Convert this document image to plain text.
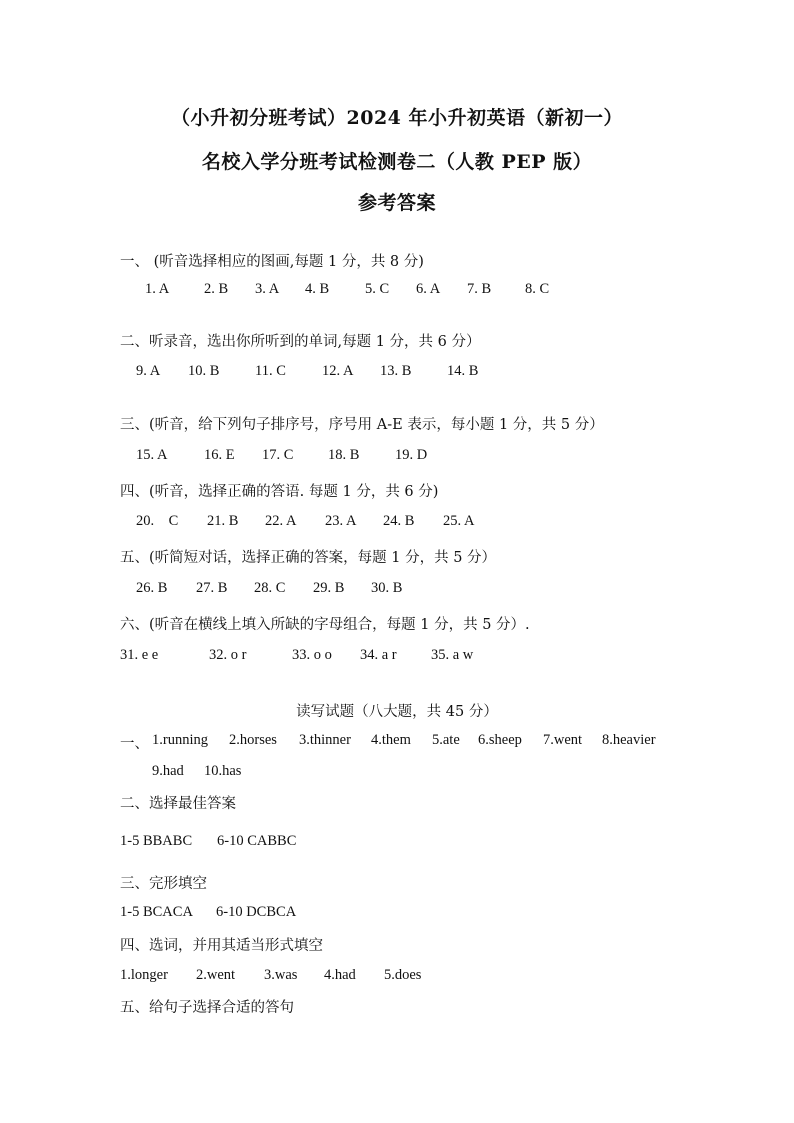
（小升初分班考试）2024 年小升初英语（新初一）
名校入学分班考试检测卷二（人教 PEP 版）
参考答案
一、 (听音选择相应的图画,每题 1 分，共 8 分)
1. A 2. B 3. A 4. B 5. C 6. A 7. B 8. C
二、听录音，选出你所听到的单词,每题 1 分，共 6 分）
9. A 10. B 11. C 12. A 13. B 14. B
三、(听音，给下列句子排序号，序号用 A-E 表示，每小题 1 分，共 5 分）
15. A	16. E 17. C 18. B 19. D
四、(听音，选择正确的答语. 每题 1 分，共 6 分)
20.    C 21. B 22. A 23. A 24. B 25. A
五、(听简短对话，选择正确的答案，每题 1 分，共 5 分）
26. B 27. B 28. C 29. B 30. B
六、(听音在横线上填入所缺的字母组合，每题 1 分，共 5 分）.
31. e e	32. o r	33. o o 34. a r 35. a w
读写试题（八大题，共 45 分）
一、 1.running 2.horses 3.thinner 4.them 5.ate 6.sheep 7.went 8.heavier
9.had 10.has
二、选择最佳答案
1-5 BBABC 6-10 CABBC
三、完形填空
1-5 BCACA 6-10 DCBCA
四、选词，并用其适当形式填空
1.longer 2.went 3.was 4.had 5.does
五、给句子选择合适的答句
